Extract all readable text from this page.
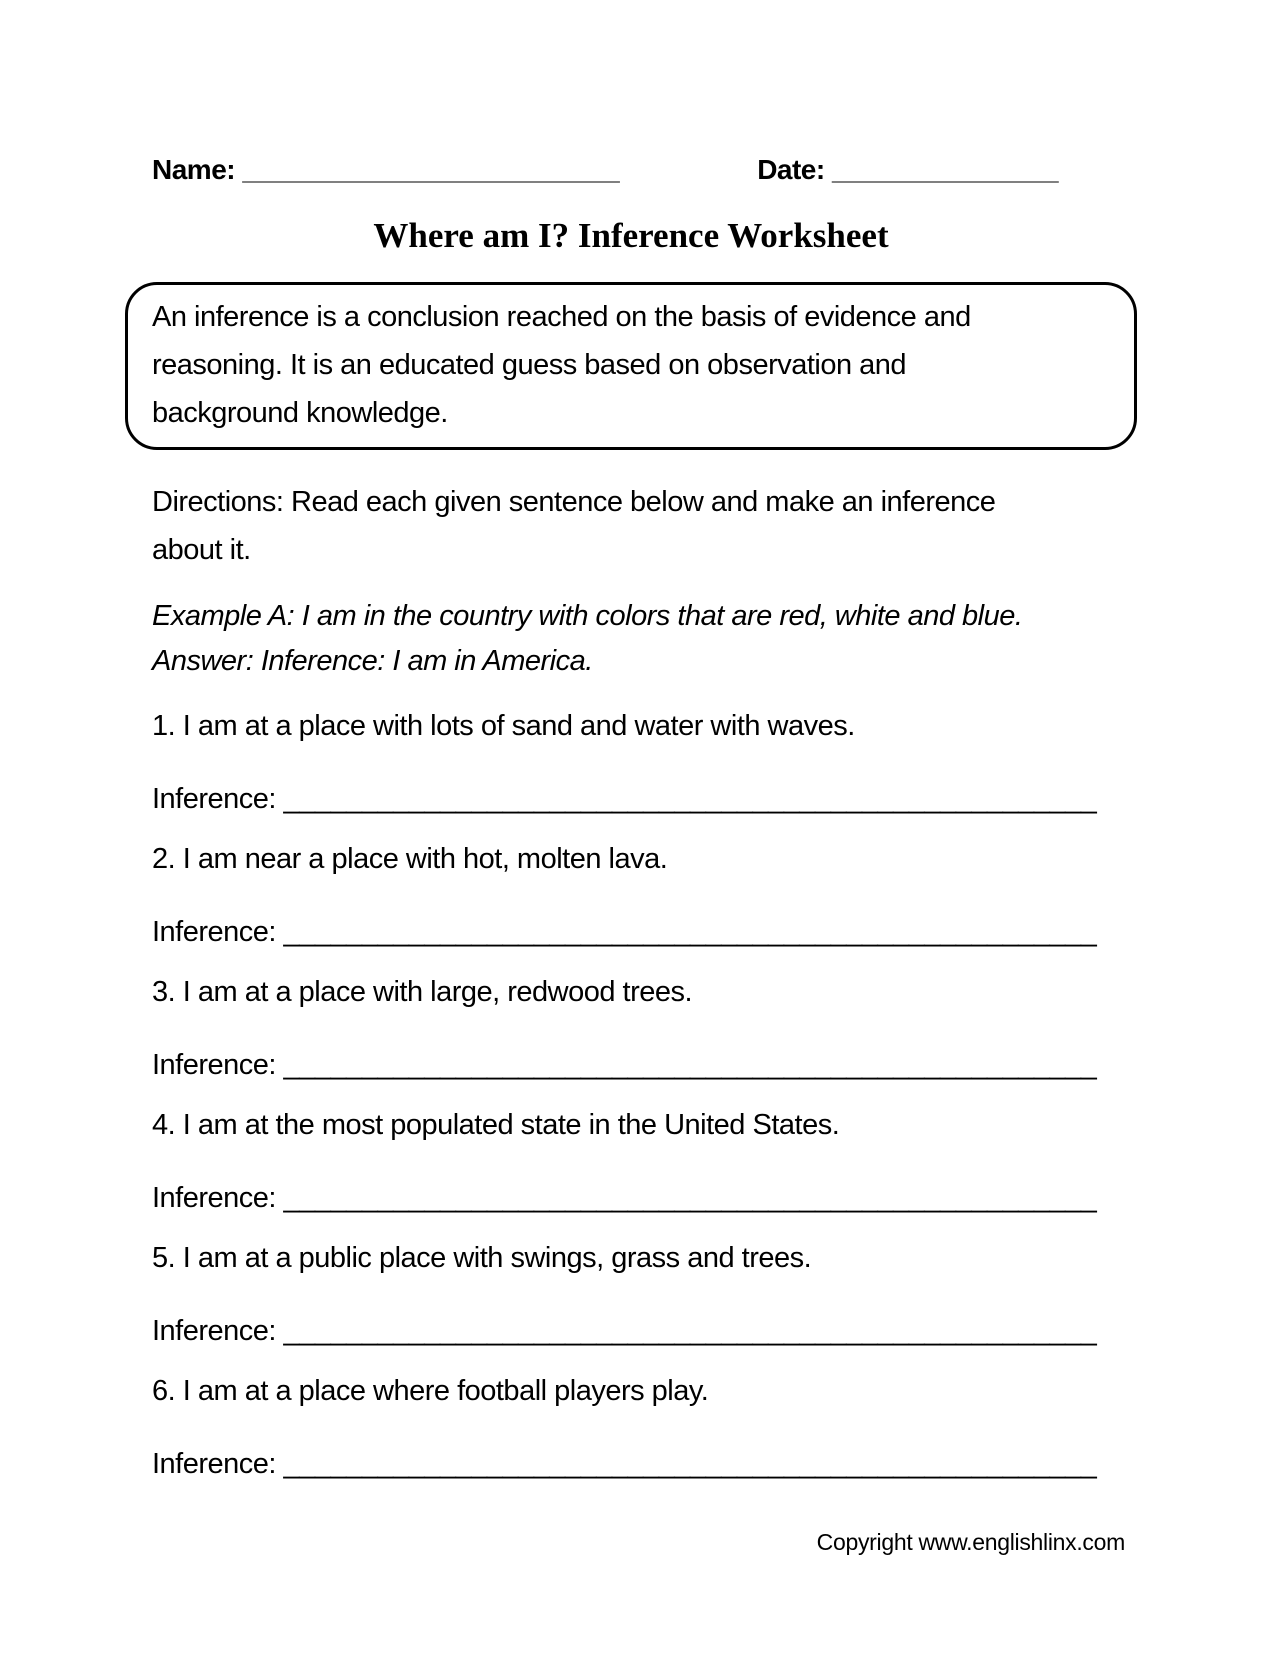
Name: _________________________	Date: _______________
Where am I? Inference Worksheet
An inference is a conclusion reached on the basis of evidence and
reasoning. It is an educated guess based on observation and
background knowledge.
Directions: Read each given sentence below and make an inference
about it.
Example A: I am in the country with colors that are red, white and blue.
Answer: Inference: I am in America.
1. I am at a place with lots of sand and water with waves.
Inference: ____________________________________________________
2. I am near a place with hot, molten lava.
Inference: ____________________________________________________
3. I am at a place with large, redwood trees.
Inference: ____________________________________________________
4. I am at the most populated state in the United States.
Inference: ____________________________________________________
5. I am at a public place with swings, grass and trees.
Inference: ____________________________________________________
6. I am at a place where football players play.
Inference: ____________________________________________________
Copyright www.englishlinx.com
